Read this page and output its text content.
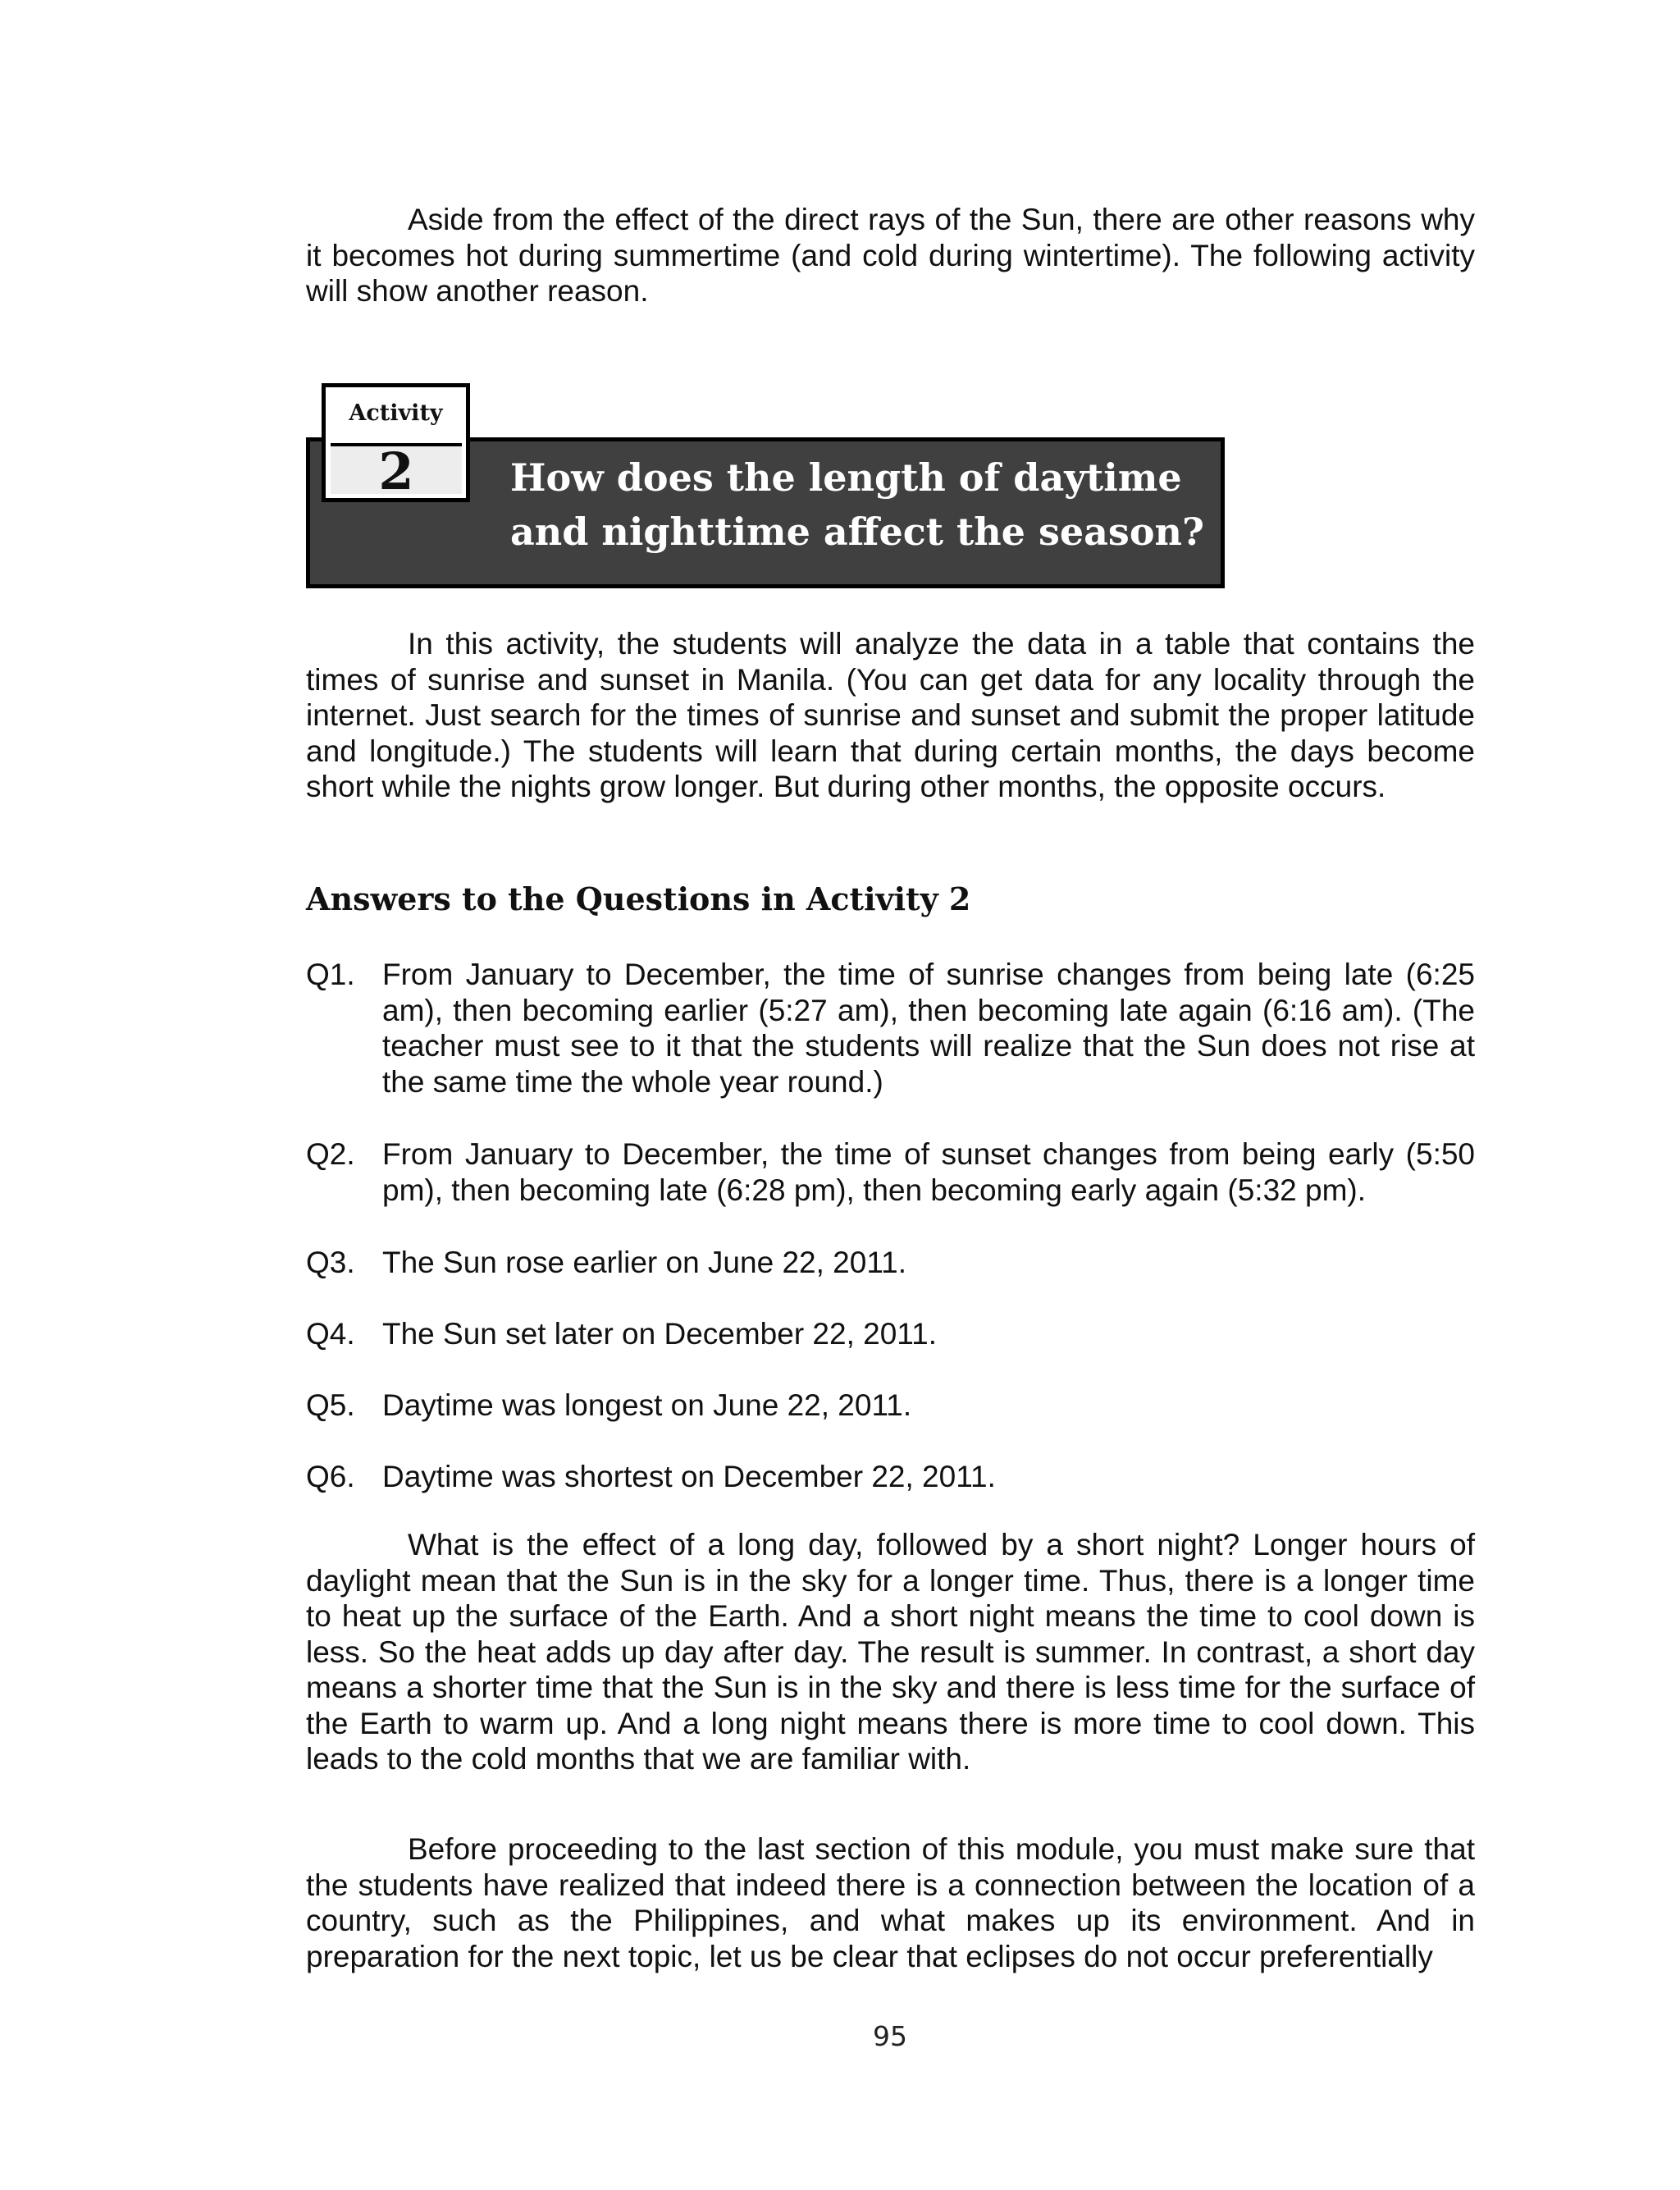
Aside from the effect of the direct rays of the Sun, there are other reasons why it becomes hot during summertime (and cold during wintertime). The following activity will show another reason.

Activity
2	How does the length of daytime
and nighttime affect the season?

In this activity, the students will analyze the data in a table that contains the times of sunrise and sunset in Manila. (You can get data for any locality through the internet. Just search for the times of sunrise and sunset and submit the proper latitude and longitude.) The students will learn that during certain months, the days become short while the nights grow longer. But during other months, the opposite occurs.

Answers to the Questions in Activity 2
Q1. From January to December, the time of sunrise changes from being late (6:25 am), then becoming earlier (5:27 am), then becoming late again (6:16 am). (The teacher must see to it that the students will realize that the Sun does not rise at the same time the whole year round.)
Q2. From January to December, the time of sunset changes from being early (5:50 pm), then becoming late (6:28 pm), then becoming early again (5:32 pm).
Q3. The Sun rose earlier on June 22, 2011.
Q4. The Sun set later on December 22, 2011.
Q5. Daytime was longest on June 22, 2011.
Q6. Daytime was shortest on December 22, 2011.

What is the effect of a long day, followed by a short night? Longer hours of daylight mean that the Sun is in the sky for a longer time. Thus, there is a longer time to heat up the surface of the Earth. And a short night means the time to cool down is less. So the heat adds up day after day. The result is summer. In contrast, a short day means a shorter time that the Sun is in the sky and there is less time for the surface of the Earth to warm up. And a long night means there is more time to cool down. This leads to the cold months that we are familiar with.

Before proceeding to the last section of this module, you must make sure that the students have realized that indeed there is a connection between the location of a country, such as the Philippines, and what makes up its environment. And in preparation for the next topic, let us be clear that eclipses do not occur preferentially

95
